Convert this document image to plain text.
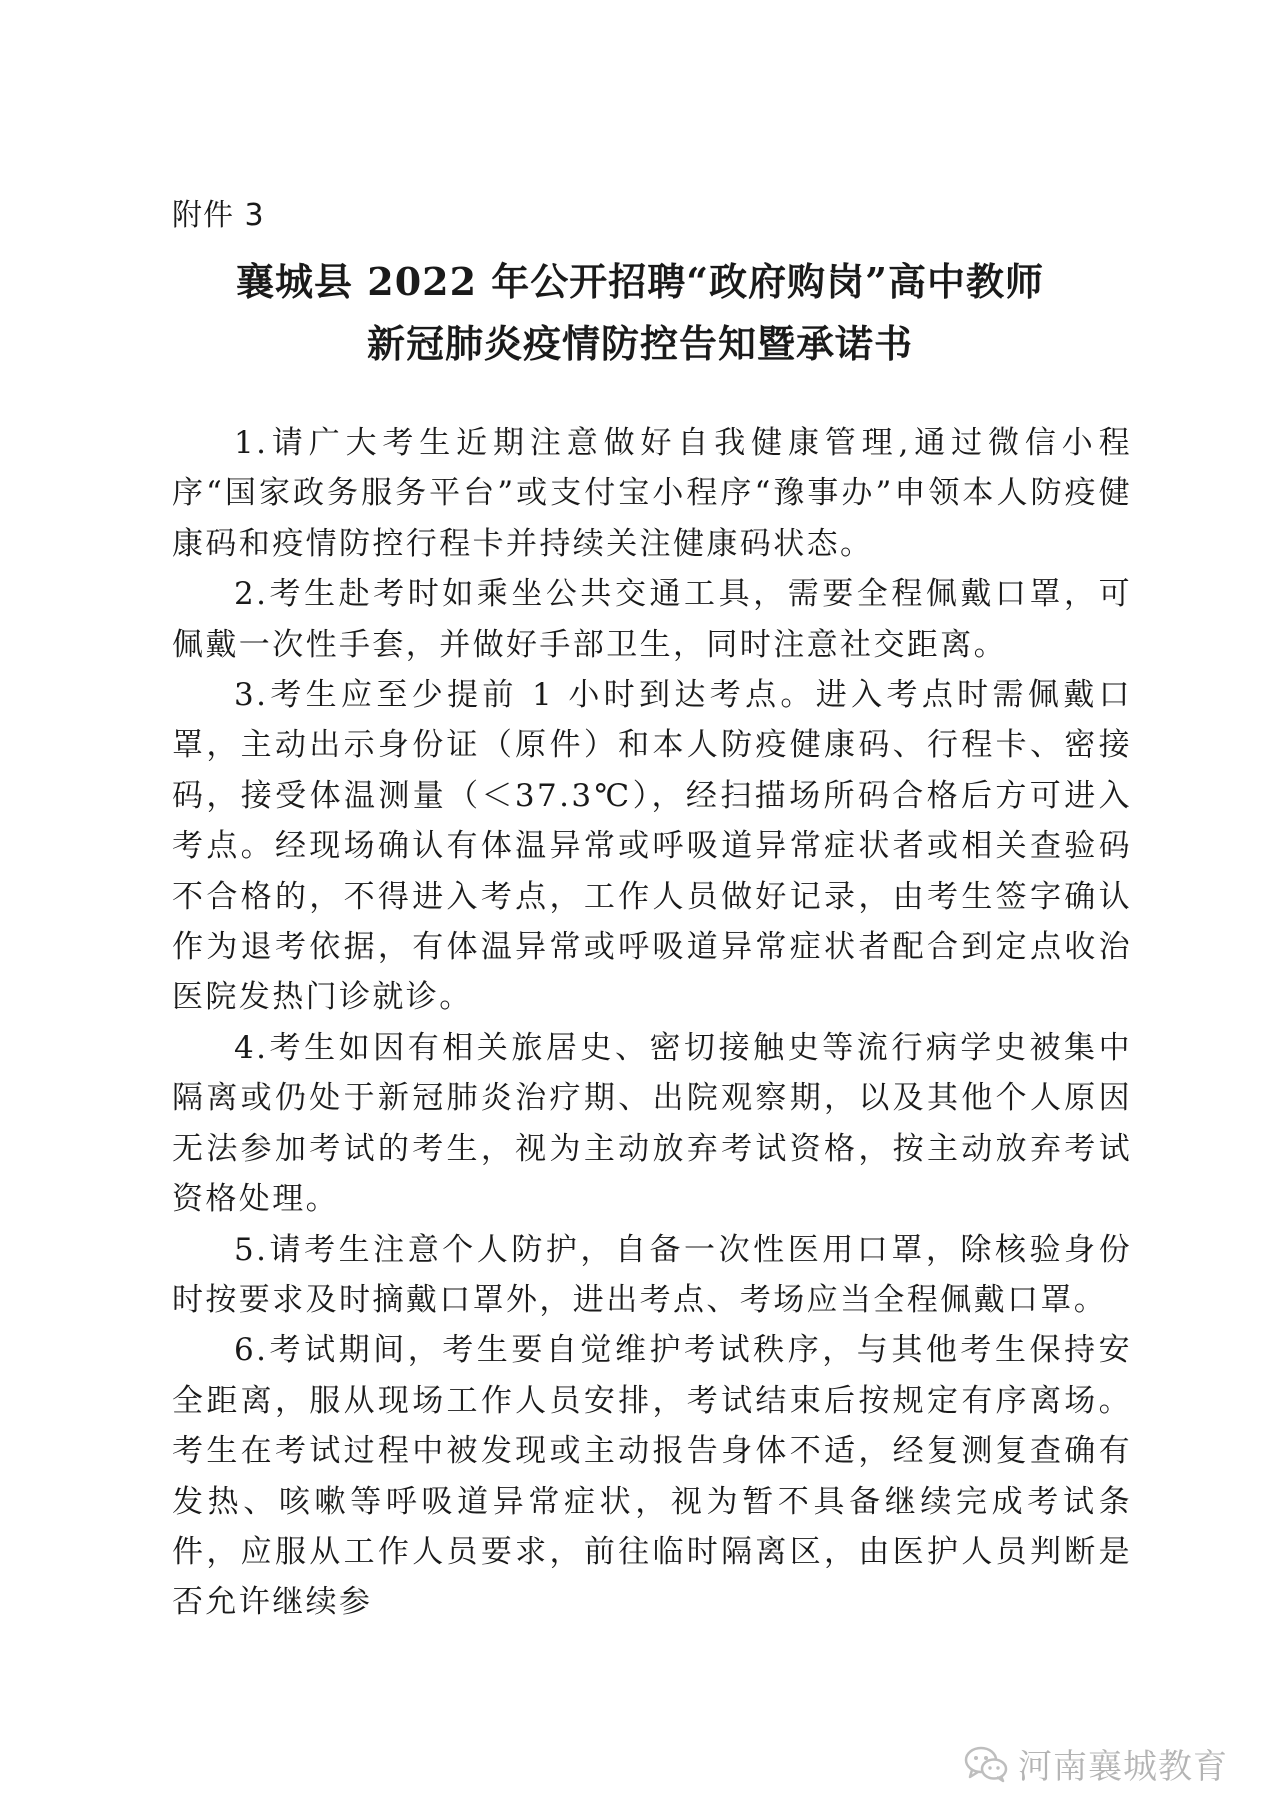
附件 3
襄城县 2022 年公开招聘“政府购岗”高中教师
新冠肺炎疫情防控告知暨承诺书

1.请广大考生近期注意做好自我健康管理,通过微信小程序“国家政务服务平台”或支付宝小程序“豫事办”申领本人防疫健康码和疫情防控行程卡并持续关注健康码状态。

2.考生赴考时如乘坐公共交通工具，需要全程佩戴口罩，可佩戴一次性手套，并做好手部卫生，同时注意社交距离。

3.考生应至少提前 1 小时到达考点。进入考点时需佩戴口罩，主动出示身份证（原件）和本人防疫健康码、行程卡、密接码，接受体温测量（＜37.3℃），经扫描场所码合格后方可进入考点。经现场确认有体温异常或呼吸道异常症状者或相关查验码不合格的，不得进入考点，工作人员做好记录，由考生签字确认作为退考依据，有体温异常或呼吸道异常症状者配合到定点收治医院发热门诊就诊。

4.考生如因有相关旅居史、密切接触史等流行病学史被集中隔离或仍处于新冠肺炎治疗期、出院观察期，以及其他个人原因无法参加考试的考生，视为主动放弃考试资格，按主动放弃考试资格处理。

5.请考生注意个人防护，自备一次性医用口罩，除核验身份时按要求及时摘戴口罩外，进出考点、考场应当全程佩戴口罩。

6.考试期间，考生要自觉维护考试秩序，与其他考生保持安全距离，服从现场工作人员安排，考试结束后按规定有序离场。考生在考试过程中被发现或主动报告身体不适，经复测复查确有发热、咳嗽等呼吸道异常症状，视为暂不具备继续完成考试条件，应服从工作人员要求，前往临时隔离区，由医护人员判断是否允许继续参

河南襄城教育
